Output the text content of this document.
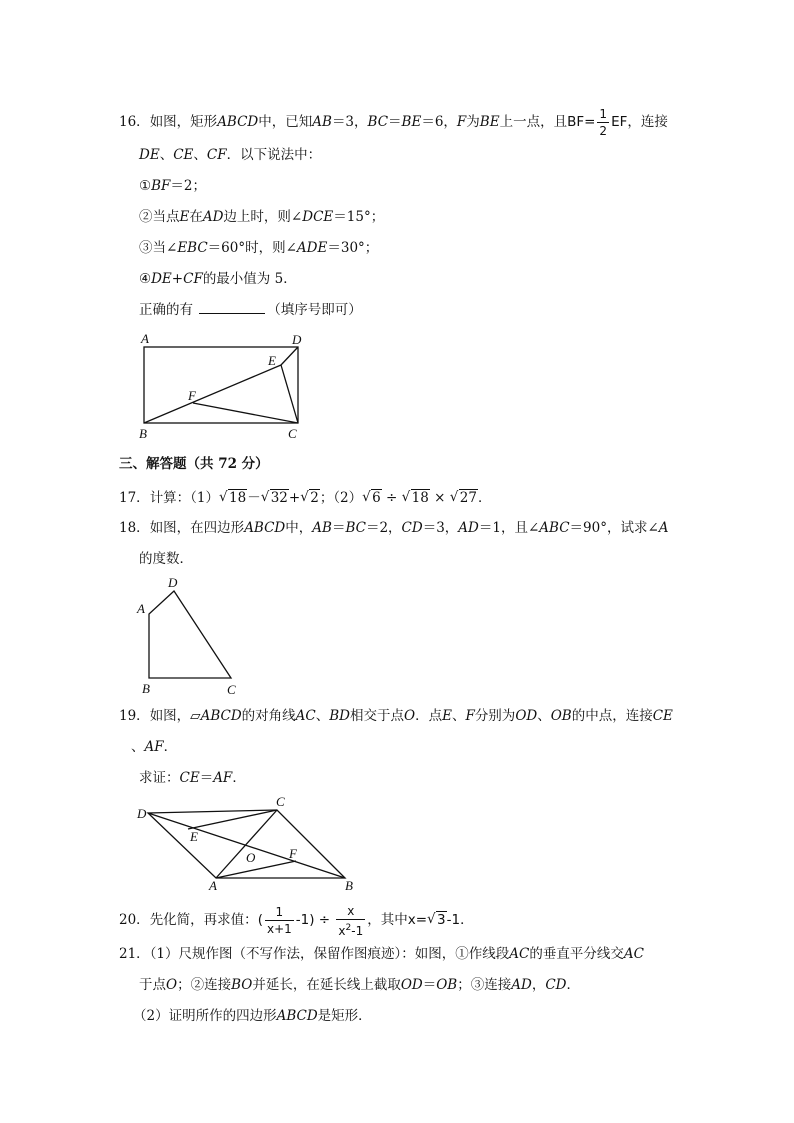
16．如图，矩形ABCD中，已知AB＝3，BC＝BE＝6，F为BE上一点，且$BF= \frac{1}{2}$ EF，连接
DE、CE、CF．以下说法中：
①BF＝2；
②当点E在AD边上时，则∠DCE＝15°；
③当∠EBC＝60°时，则∠ADE＝30°；
④DE+CF的最小值为 5．
正确的有	（填序号即可）
A	D
E
F
B	C
三、解答题（共 72 分）
17．计算：（1） √ 18－ √ 32+ √ 2；（2） √ 6 ÷ √ 18 × √ 27．
18．如图，在四边形ABCD中，AB＝BC＝2，CD＝3，AD＝1，且∠ABC＝90°，试求∠A
的度数．
A
D
B	C
19．如图，▱ABCD的对角线AC、BD相交于点O．点E、F分别为OD、OB的中点，连接CE
、AF．
求证：CE＝AF．
D
C
E
O	F
A	B
20．先化简，再求值：( $\frac{1}{x+1} -1) \div \frac{x}{x^2-1}$ ，其中x= √ 3-1．
21．（1）尺规作图（不写作法，保留作图痕迹）：如图，①作线段AC的垂直平分线交AC
于点O；②连接BO并延长，在延长线上截取OD＝OB；③连接AD，CD．
（2）证明所作的四边形ABCD是矩形．
